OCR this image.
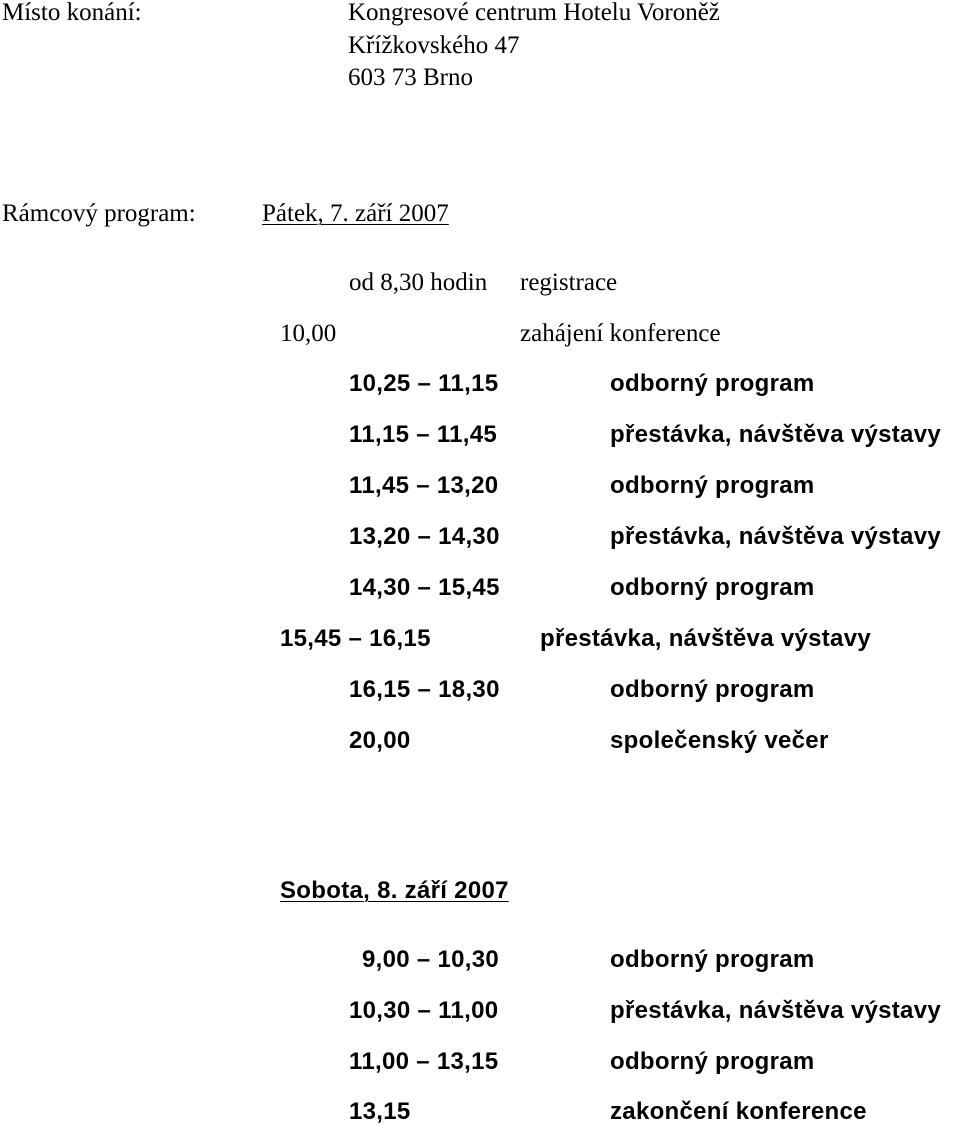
Místo konání:	Kongresové centrum Hotelu Voroněž
Křížkovského 47
603 73 Brno
Rámcový program:	Pátek, 7. září 2007
od 8,30 hodin registrace
10,00	zahájení konference
10,25 – 11,15	odborný program
11,15 – 11,45	přestávka, návštěva výstavy
11,45 – 13,20	odborný program
13,20 – 14,30	přestávka, návštěva výstavy
14,30 – 15,45	odborný program
15,45 – 16,15	přestávka, návštěva výstavy
16,15 – 18,30	odborný program
20,00	společenský večer
Sobota, 8. září 2007
9,00 – 10,30	odborný program
10,30 – 11,00	přestávka, návštěva výstavy
11,00 – 13,15	odborný program
13,15	zakončení konference
